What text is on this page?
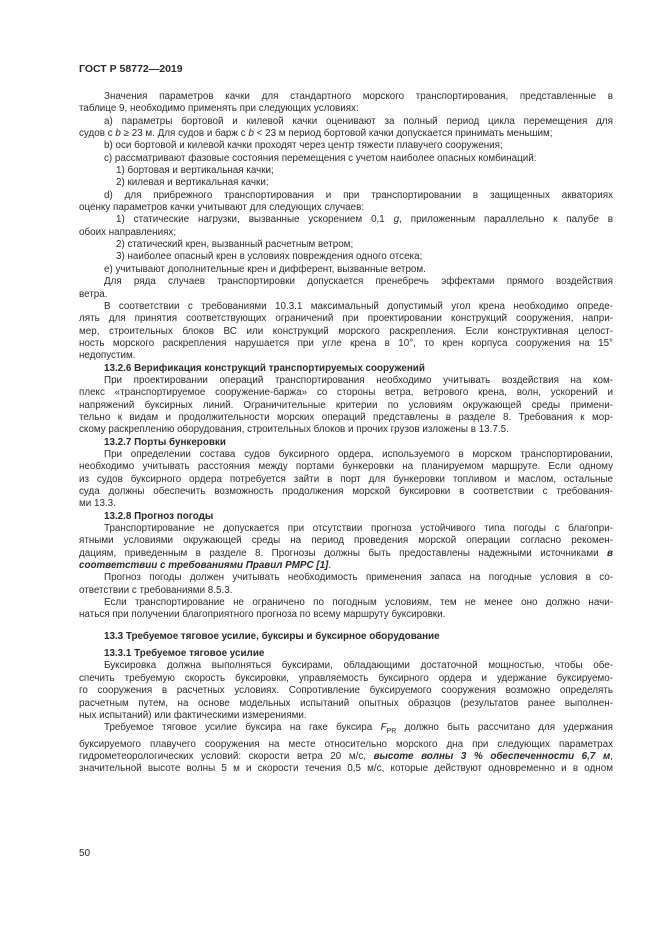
ГОСТ Р 58772—2019

Значения параметров качки для стандартного морского транспортирования, представленные в

таблице 9, необходимо применять при следующих условиях:

а) параметры бортовой и килевой качки оценивают за полный период цикла перемещения для

судов с b ≥ 23 м. Для судов и барж с b < 23 м период бортовой качки допускается принимать меньшим;

b) оси бортовой и килевой качки проходят через центр тяжести плавучего сооружения;

с) рассматривают фазовые состояния перемещения с учетом наиболее опасных комбинаций:

1) бортовая и вертикальная качки;

2) килевая и вертикальная качки;

d) для прибрежного транспортирования и при транспортировании в защищенных акваториях

оценку параметров качки учитывают для следующих случаев:

1) статические нагрузки, вызванные ускорением 0,1 g, приложенным параллельно к палубе в

обоих направлениях;

2) статический крен, вызванный расчетным ветром;

3) наиболее опасный крен в условиях повреждения одного отсека;

е) учитывают дополнительные крен и дифферент, вызванные ветром.

Для ряда случаев транспортировки допускается пренебречь эффектами прямого воздействия

ветра.

В соответствии с требованиями 10.3.1 максимальный допустимый угол крена необходимо опреде-

лять для принятия соответствующих ограничений при проектировании конструкций сооружения, напри-

мер, строительных блоков ВС или конструкций морского раскрепления. Если конструктивная целост-

ность морского раскрепления нарушается при угле крена в 10°, то крен корпуса сооружения на 15°

недопустим.

13.2.6 Верификация конструкций транспортируемых сооружений

При проектировании операций транспортирования необходимо учитывать воздействия на ком-

плекс «транспортируемое сооружение-баржа» со стороны ветра, ветрового крена, волн, ускорений и

напряжений буксирных линий. Ограничительные критерии по условиям окружающей среды примени-

тельно к видам и продолжительности морских операций представлены в разделе 8. Требования к мор-

скому раскреплению оборудования, строительных блоков и прочих грузов изложены в 13.7.5.

13.2.7 Порты бункеровки

При определении состава судов буксирного ордера, используемого в морском транспортировании,

необходимо учитывать расстояния между портами бункеровки на планируемом маршруте. Если одному

из судов буксирного ордера потребуется зайти в порт для бункеровки топливом и маслом, остальные

суда должны обеспечить возможность продолжения морской буксировки в соответствии с требования-

ми 13.3.

13.2.8 Прогноз погоды

Транспортирование не допускается при отсутствии прогноза устойчивого типа погоды с благопри-

ятными условиями окружающей среды на период проведения морской операции согласно рекомен-

дациям, приведенным в разделе 8. Прогнозы должны быть предоставлены надежными источниками в

соответствии с требованиями Правил РМРС [1].

Прогноз погоды должен учитывать необходимость применения запаса на погодные условия в со-

ответствии с требованиями 8.5.3.

Если транспортирование не ограничено по погодным условиям, тем не менее оно должно начи-

наться при получении благоприятного прогноза по всему маршруту буксировки.

13.3 Требуемое тяговое усилие, буксиры и буксирное оборудование

13.3.1 Требуемое тяговое усилие

Буксировка должна выполняться буксирами, обладающими достаточной мощностью, чтобы обе-

спечить требуемую скорость буксировки, управляемость буксирного ордера и удержание буксируемо-

го сооружения в расчетных условиях. Сопротивление буксируемого сооружения возможно определять

расчетным путем, на основе модельных испытаний опытных образцов (результатов ранее выполнен-

ных испытаний) или фактическими измерениями.

Требуемое тяговое усилие буксира на гаке буксира $F_{PR}$ должно быть рассчитано для удержания

буксируемого плавучего сооружения на месте относительно морского дна при следующих параметрах

гидрометеорологических условий: скорости ветра 20 м/с, высоте волны 3 % обеспеченности 6,7 м,

значительной высоте волны 5 м и скорости течения 0,5 м/с, которые действуют одновременно и в одном

50
